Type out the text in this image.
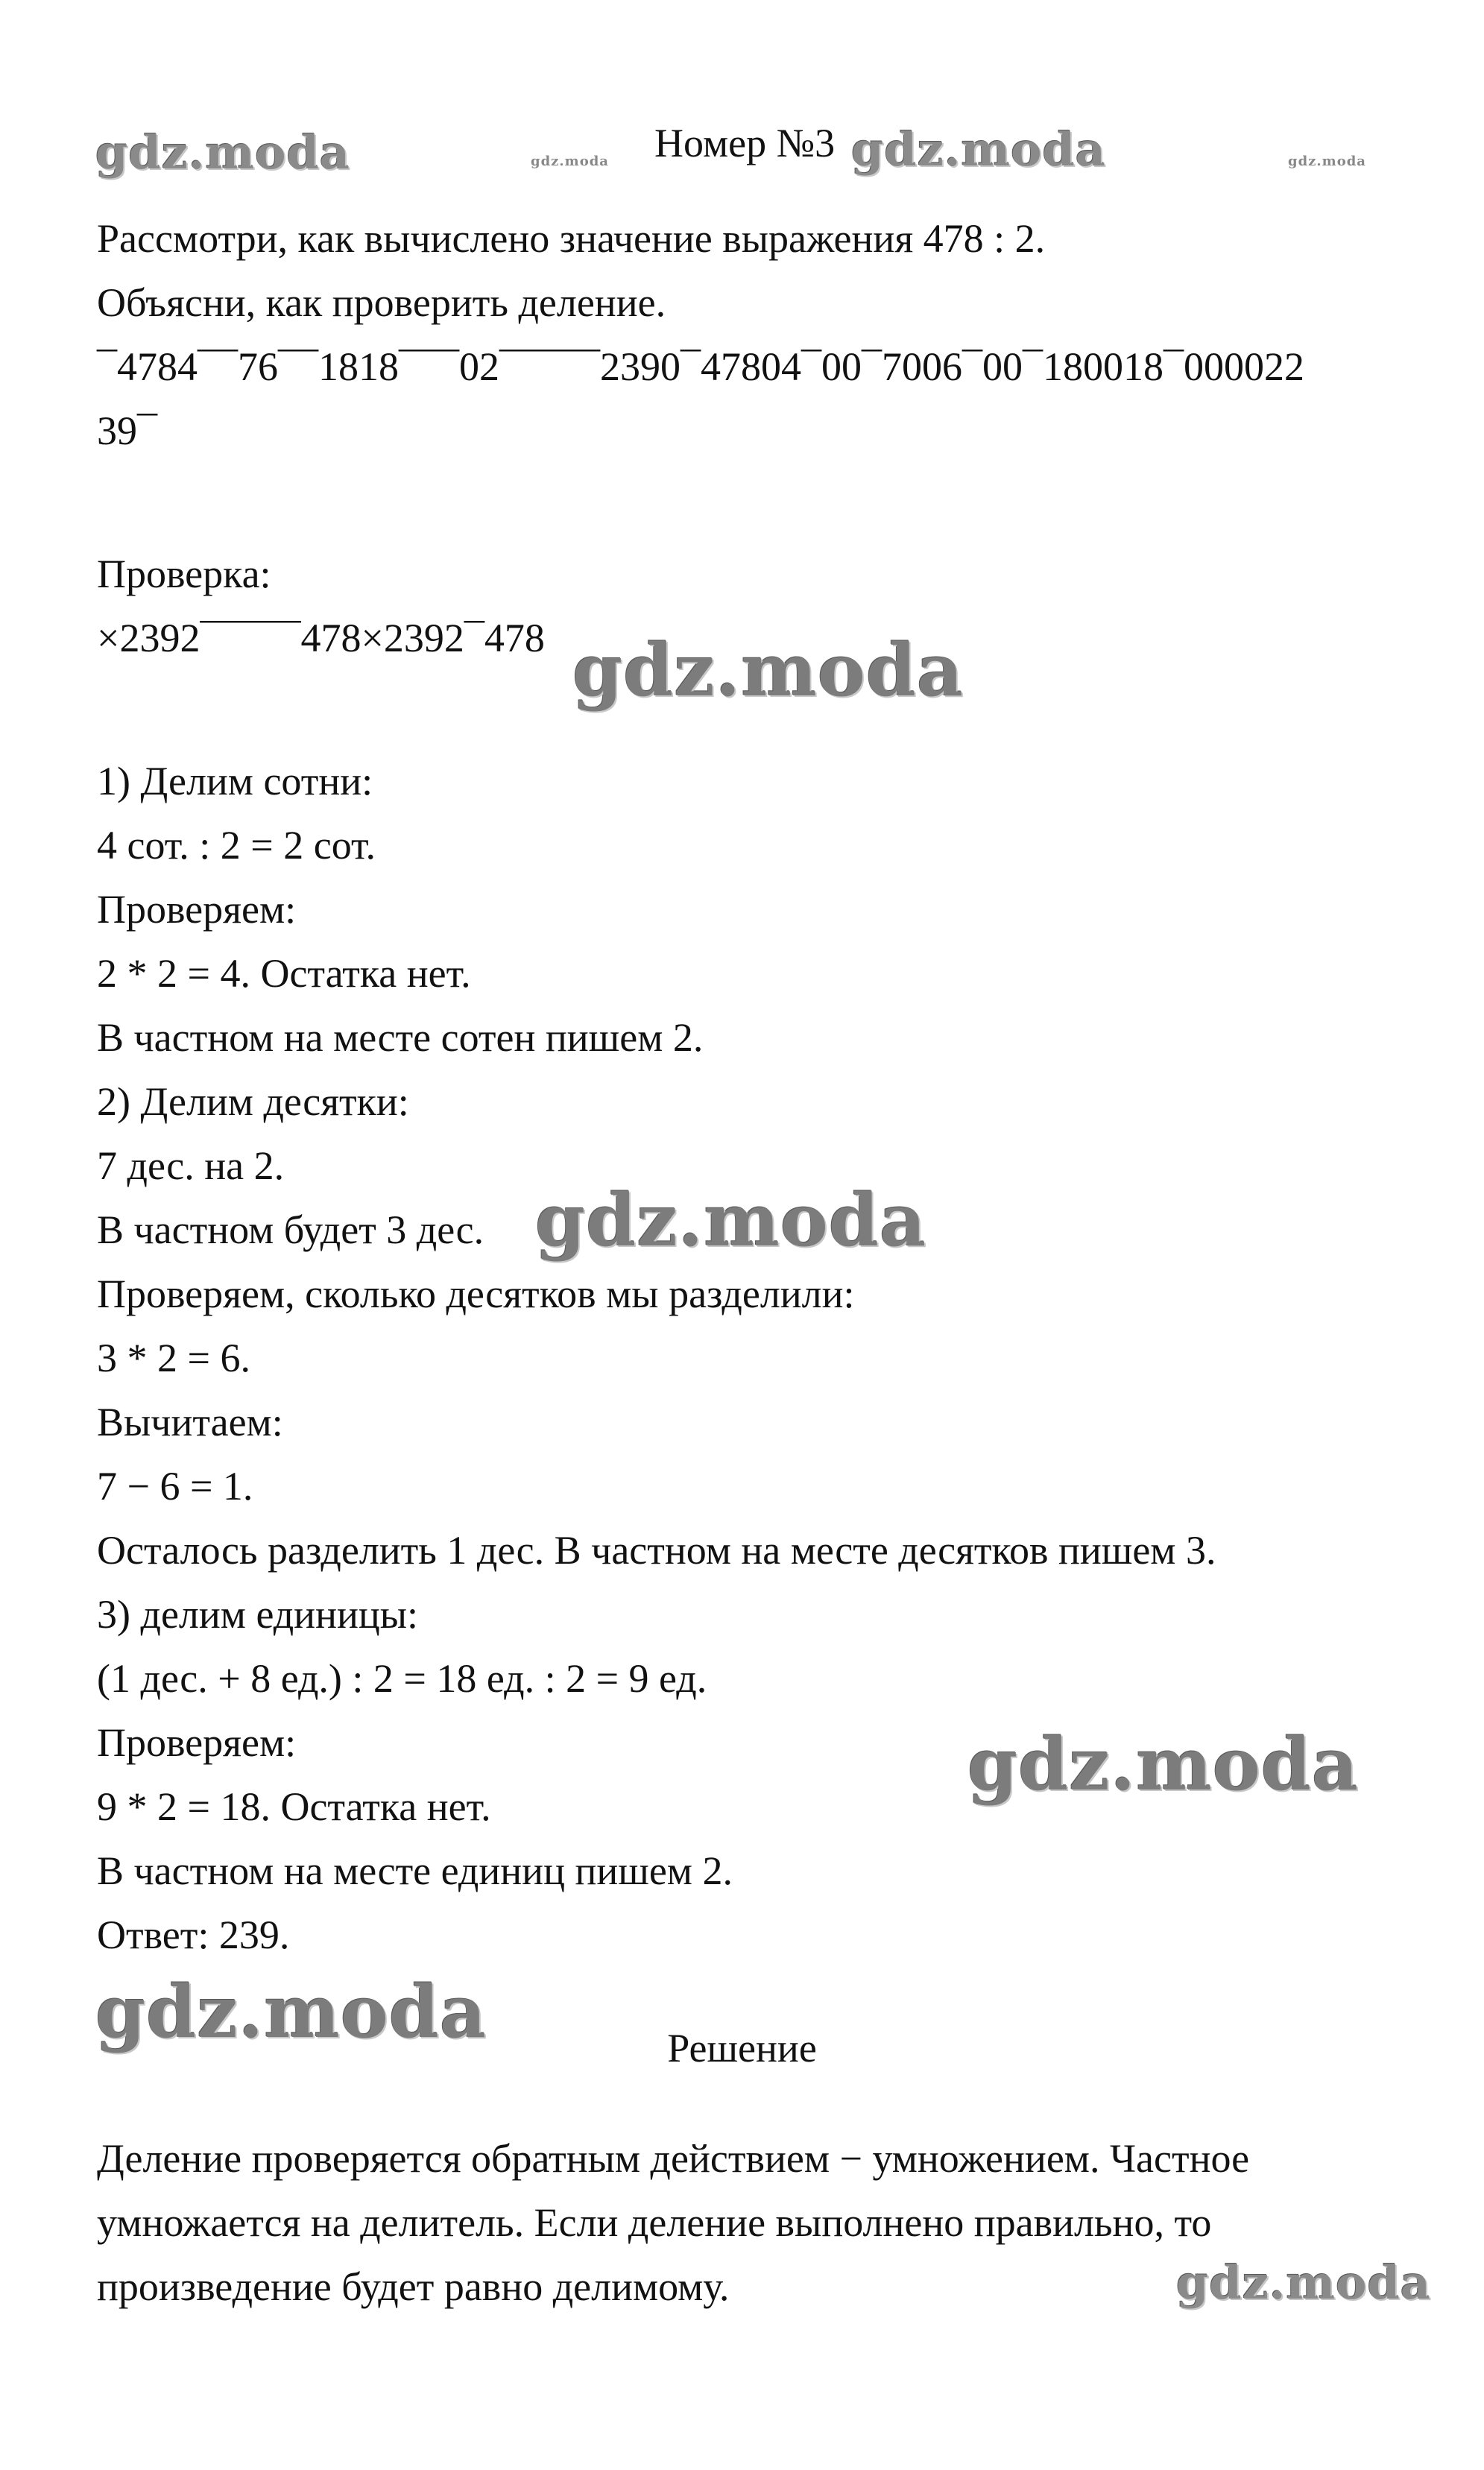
gdz.moda	gdz.moda	gdz.moda	gdz.moda
gdz.moda
gdz.moda
gdz.moda
gdz.moda
gdz.moda
Номер №3
Рассмотри, как вычислено значение выражения 478 : 2.
Объясни, как проверить деление.
¯4784¯¯76¯¯1818¯¯¯02¯¯¯¯¯2390¯47804¯00¯7006¯00¯180018¯000022
39¯
Проверка:
×2392¯¯¯¯¯478×2392¯478
1) Делим сотни:
4 сот. : 2 = 2 сот.
Проверяем:
2 * 2 = 4. Остатка нет.
В частном на месте сотен пишем 2.
2) Делим десятки:
7 дес. на 2.
В частном будет 3 дес.
Проверяем, сколько десятков мы разделили:
3 * 2 = 6.
Вычитаем:
7 − 6 = 1.
Осталось разделить 1 дес. В частном на месте десятков пишем 3.
3) делим единицы:
(1 дес. + 8 ед.) : 2 = 18 ед. : 2 = 9 ед.
Проверяем:
9 * 2 = 18. Остатка нет.
В частном на месте единиц пишем 2.
Ответ: 239.
Решение
Деление проверяется обратным действием − умножением. Частное
умножается на делитель. Если деление выполнено правильно, то
произведение будет равно делимому.
